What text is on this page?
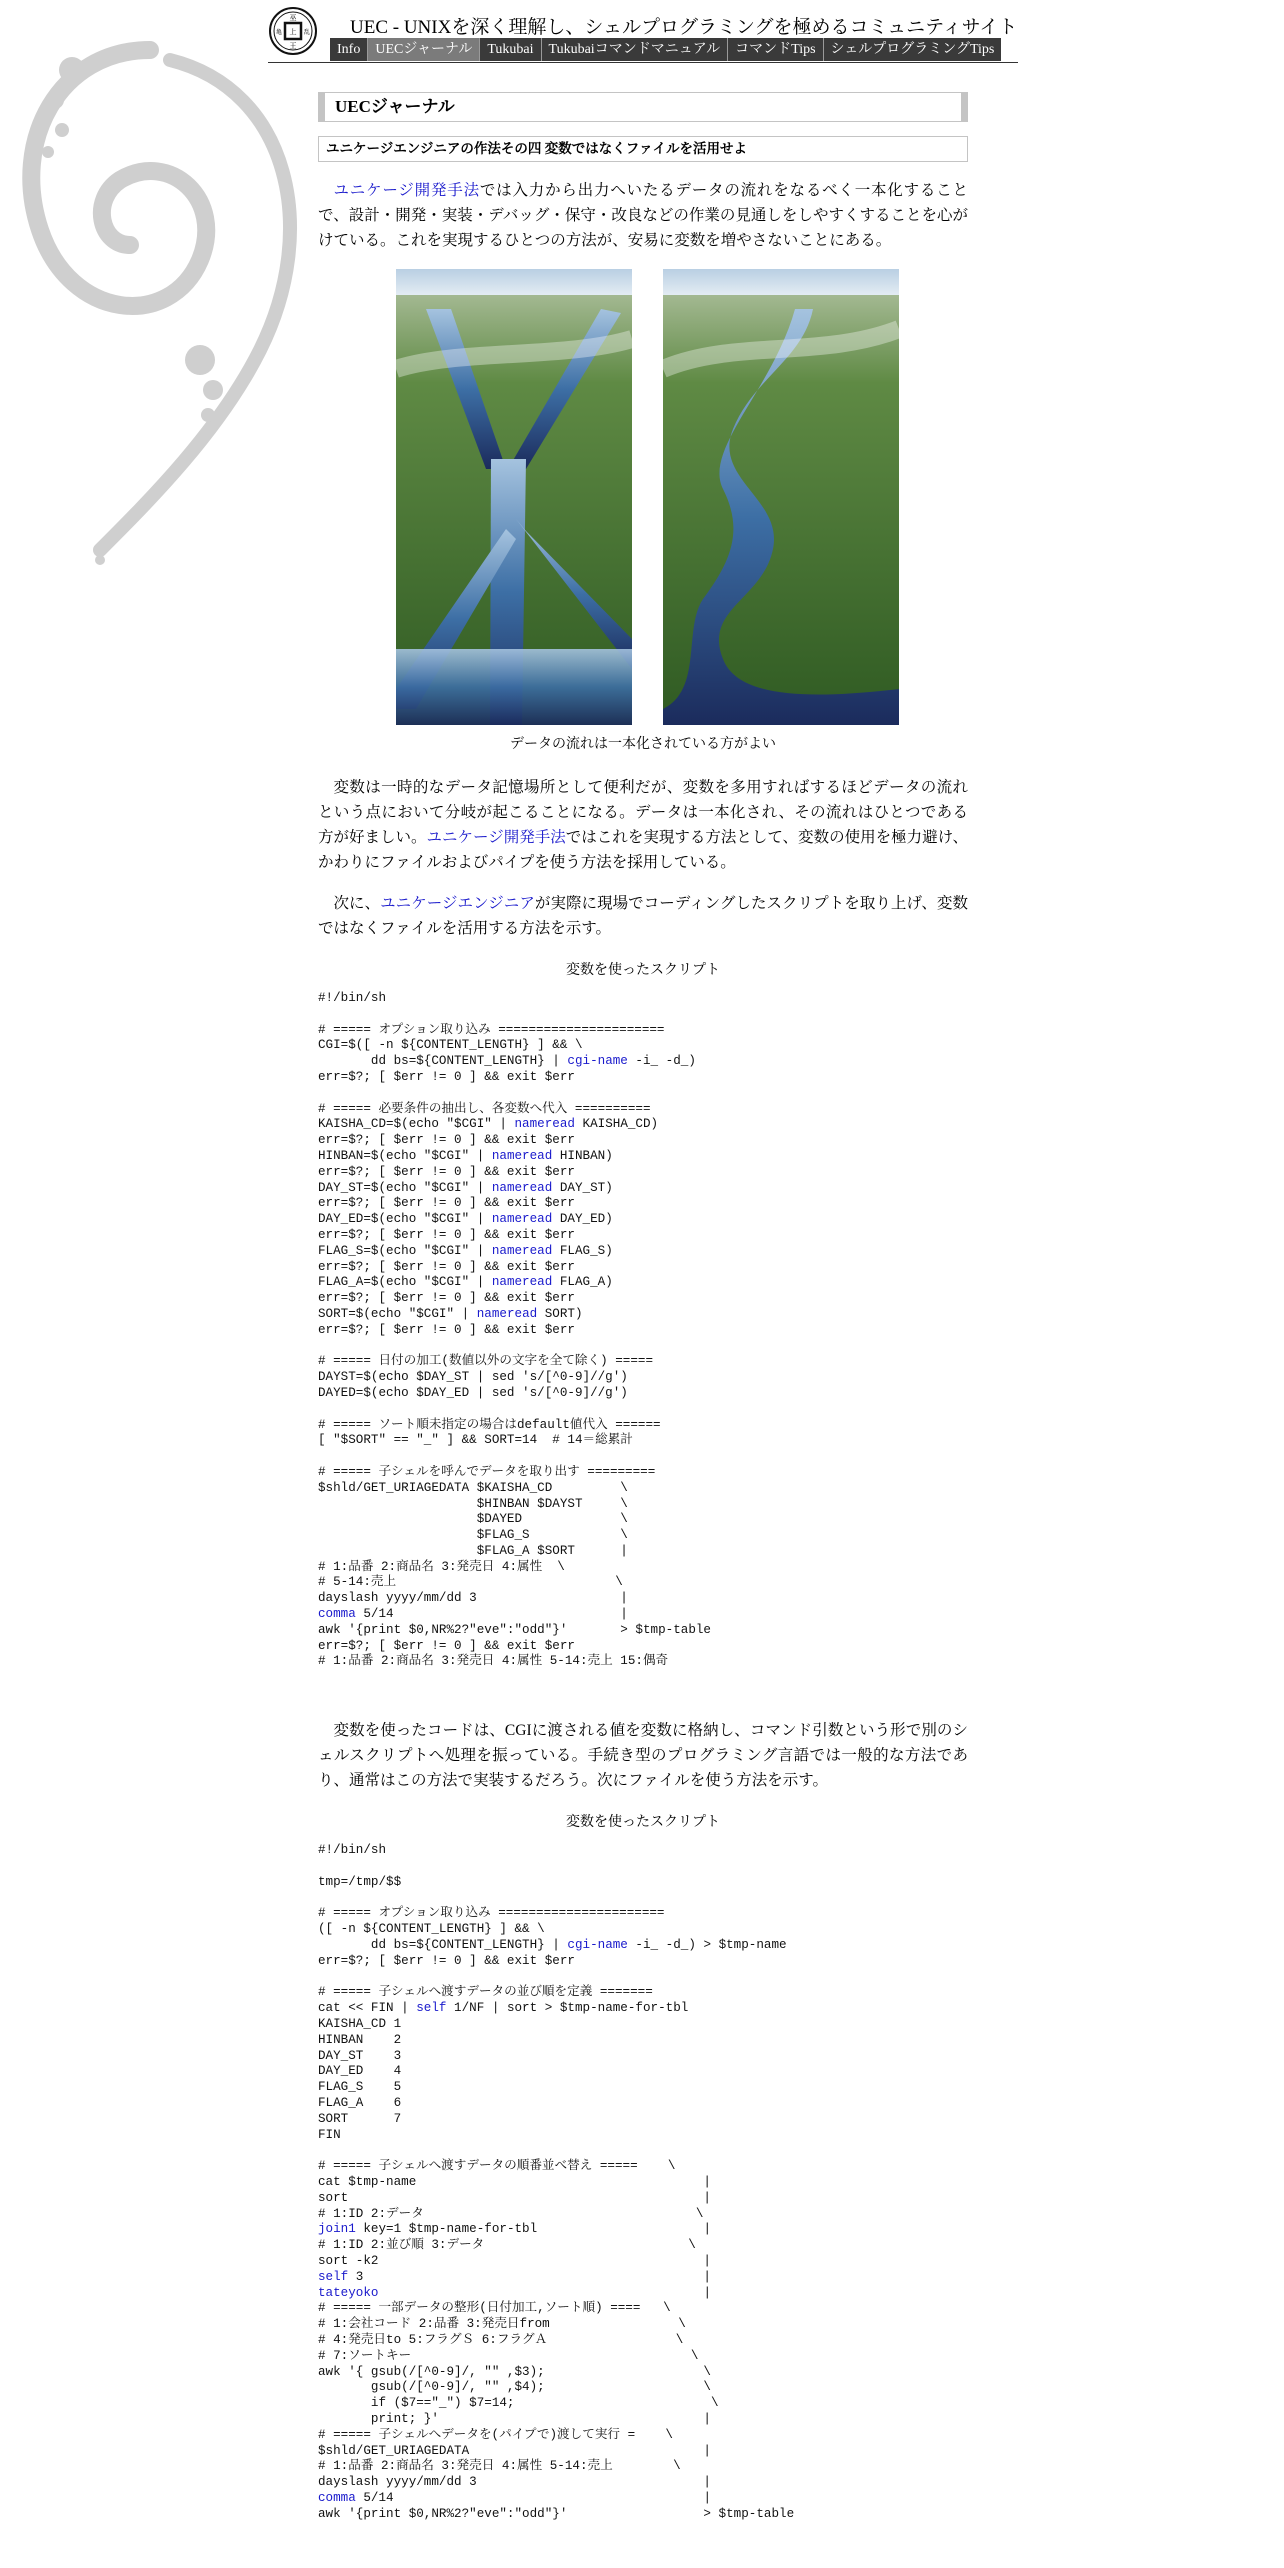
巫
亀	乱
王
上	UEC - UNIXを深く理解し、シェルプログラミングを極めるコミュニティサイト
Info	UECジャーナル	Tukubai	Tukubaiコマンドマニュアル	コマンドTips	シェルプログラミングTips
UECジャーナル
ユニケージエンジニアの作法その四 変数ではなくファイルを活用せよ

ユニケージ開発手法では入力から出力へいたるデータの流れをなるべく一本化することで、設計・開発・実装・デバッグ・保守・改良などの作業の見通しをしやすくすることを心がけている。これを実現するひとつの方法が、安易に変数を増やさないことにある。

データの流れは一本化されている方がよい

変数は一時的なデータ記憶場所として便利だが、変数を多用すればするほどデータの流れという点において分岐が起こることになる。データは一本化され、その流れはひとつである方が好ましい。ユニケージ開発手法ではこれを実現する方法として、変数の使用を極力避け、かわりにファイルおよびパイプを使う方法を採用している。

次に、ユニケージエンジニアが実際に現場でコーディングしたスクリプトを取り上げ、変数ではなくファイルを活用する方法を示す。

変数を使ったスクリプト
#!/bin/sh

# ===== オプション取り込み ======================
CGI=$([ -n ${CONTENT_LENGTH} ] && \
dd bs=${CONTENT_LENGTH} | cgi-name -i_ -d_)
err=$?; [ $err != 0 ] && exit $err

# ===== 必要条件の抽出し、各変数へ代入 ==========
KAISHA_CD=$(echo "$CGI" | nameread KAISHA_CD)
err=$?; [ $err != 0 ] && exit $err
HINBAN=$(echo "$CGI" | nameread HINBAN)
err=$?; [ $err != 0 ] && exit $err
DAY_ST=$(echo "$CGI" | nameread DAY_ST)
err=$?; [ $err != 0 ] && exit $err
DAY_ED=$(echo "$CGI" | nameread DAY_ED)
err=$?; [ $err != 0 ] && exit $err
FLAG_S=$(echo "$CGI" | nameread FLAG_S)
err=$?; [ $err != 0 ] && exit $err
FLAG_A=$(echo "$CGI" | nameread FLAG_A)
err=$?; [ $err != 0 ] && exit $err
SORT=$(echo "$CGI" | nameread SORT)
err=$?; [ $err != 0 ] && exit $err

# ===== 日付の加工(数値以外の文字を全て除く) =====
DAYST=$(echo $DAY_ST | sed 's/[^0-9]//g')
DAYED=$(echo $DAY_ED | sed 's/[^0-9]//g')

# ===== ソート順未指定の場合はdefault値代入 ======
[ "$SORT" == "_" ] && SORT=14  # 14＝総累計

# ===== 子シェルを呼んでデータを取り出す =========
$shld/GET_URIAGEDATA $KAISHA_CD         \
$HINBAN $DAYST     \
$DAYED             \
$FLAG_S            \
$FLAG_A $SORT      |
# 1:品番 2:商品名 3:発売日 4:属性  \
# 5-14:売上                             \
dayslash yyyy/mm/dd 3                   |
comma 5/14                              |
awk '{print $0,NR%2?"eve":"odd"}'       > $tmp-table
err=$?; [ $err != 0 ] && exit $err
# 1:品番 2:商品名 3:発売日 4:属性 5-14:売上 15:偶奇

変数を使ったコードは、CGIに渡される値を変数に格納し、コマンド引数という形で別のシェルスクリプトへ処理を振っている。手続き型のプログラミング言語では一般的な方法であり、通常はこの方法で実装するだろう。次にファイルを使う方法を示す。

変数を使ったスクリプト
#!/bin/sh

tmp=/tmp/$$

# ===== オプション取り込み ======================
([ -n ${CONTENT_LENGTH} ] && \
dd bs=${CONTENT_LENGTH} | cgi-name -i_ -d_) > $tmp-name
err=$?; [ $err != 0 ] && exit $err

# ===== 子シェルへ渡すデータの並び順を定義 =======
cat << FIN | self 1/NF | sort > $tmp-name-for-tbl
KAISHA_CD 1
HINBAN    2
DAY_ST    3
DAY_ED    4
FLAG_S    5
FLAG_A    6
SORT      7
FIN

# ===== 子シェルへ渡すデータの順番並べ替え =====    \
cat $tmp-name                                      |
sort                                               |
# 1:ID 2:データ                                    \
join1 key=1 $tmp-name-for-tbl                      |
# 1:ID 2:並び順 3:データ                           \
sort -k2                                           |
self 3                                             |
tateyoko                                           |
# ===== 一部データの整形(日付加工,ソート順) ====   \
# 1:会社コード 2:品番 3:発売日from                 \
# 4:発売日to 5:フラグＳ 6:フラグＡ                 \
# 7:ソートキー                                     \
awk '{ gsub(/[^0-9]/, "" ,$3);                     \
gsub(/[^0-9]/, "" ,$4);                     \
if ($7=="_") $7=14;                          \
print; }'                                   |
# ===== 子シェルへデータを(パイプで)渡して実行 =    \
$shld/GET_URIAGEDATA                               |
# 1:品番 2:商品名 3:発売日 4:属性 5-14:売上        \
dayslash yyyy/mm/dd 3                              |
comma 5/14                                         |
awk '{print $0,NR%2?"eve":"odd"}'                  > $tmp-table
